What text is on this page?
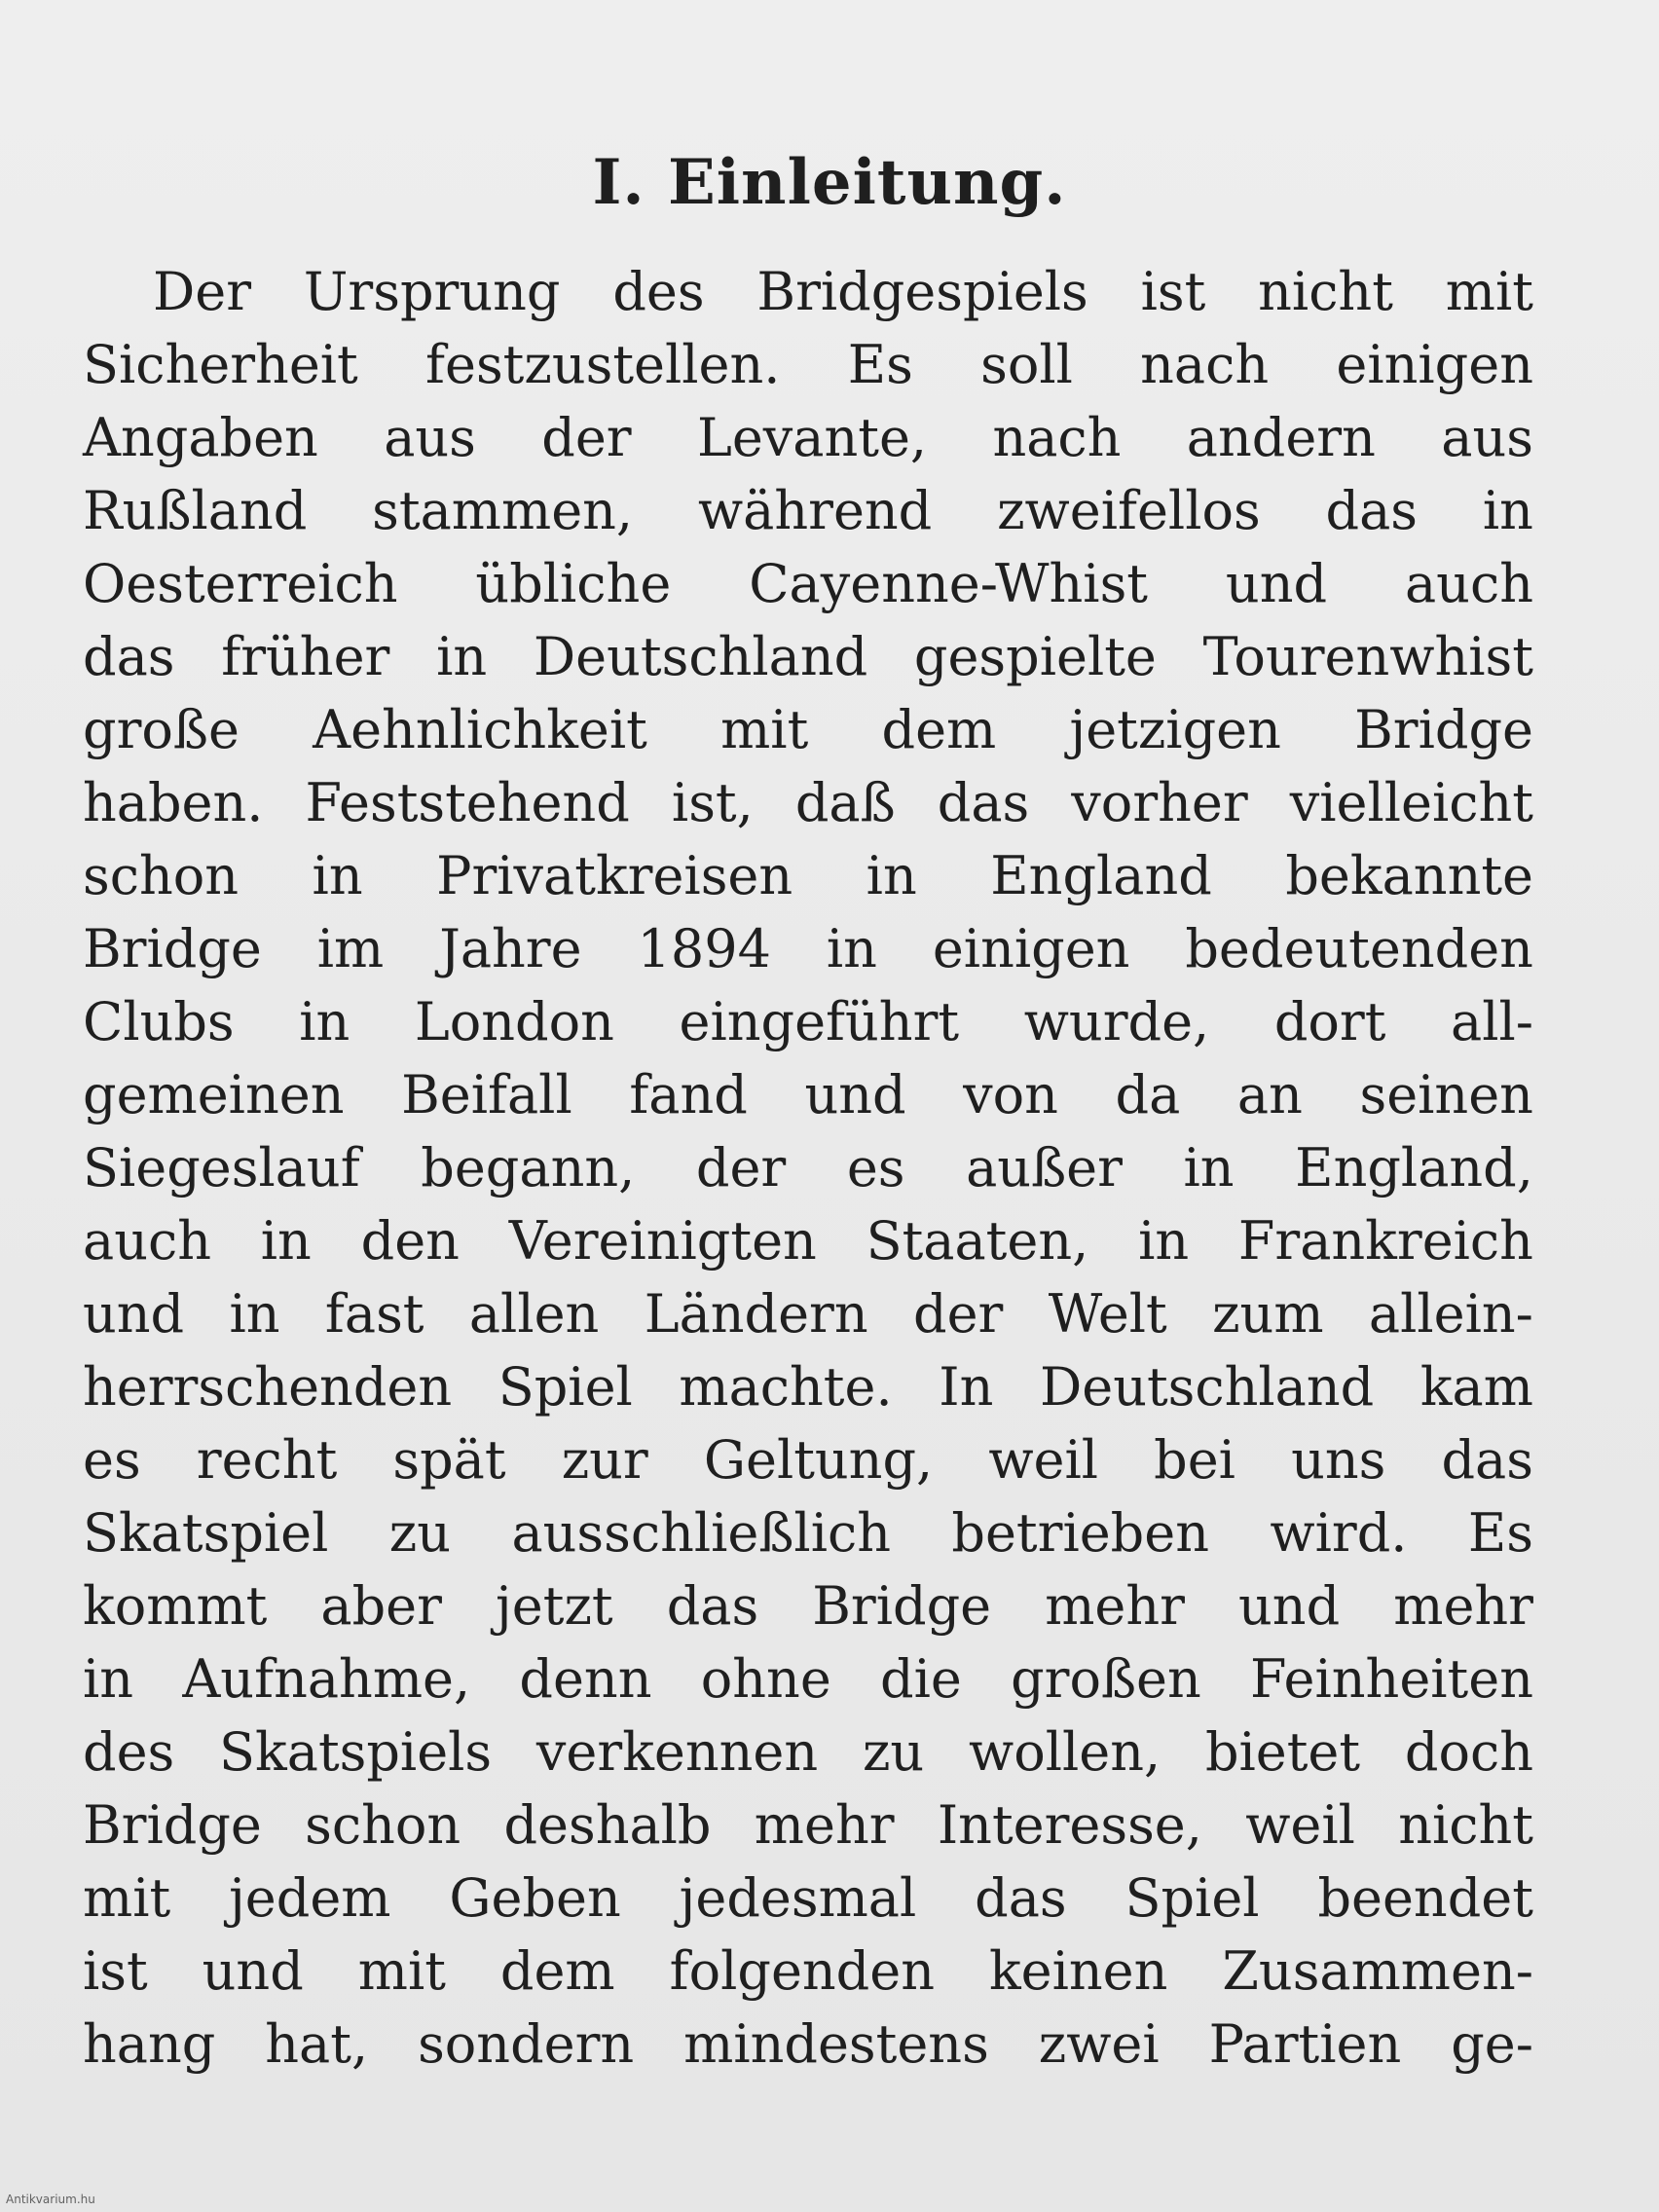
I. Einleitung.
Der Ursprung des Bridgespiels ist nicht mit
Sicherheit festzustellen. Es soll nach einigen
Angaben aus der Levante, nach andern aus
Rußland stammen, während zweifellos das in
Oesterreich übliche Cayenne-Whist und auch
das früher in Deutschland gespielte Tourenwhist
große Aehnlichkeit mit dem jetzigen Bridge
haben. Feststehend ist, daß das vorher vielleicht
schon in Privatkreisen in England bekannte
Bridge im Jahre 1894 in einigen bedeutenden
Clubs in London eingeführt wurde, dort all-
gemeinen Beifall fand und von da an seinen
Siegeslauf begann, der es außer in England,
auch in den Vereinigten Staaten, in Frankreich
und in fast allen Ländern der Welt zum allein-
herrschenden Spiel machte. In Deutschland kam
es recht spät zur Geltung, weil bei uns das
Skatspiel zu ausschließlich betrieben wird. Es
kommt aber jetzt das Bridge mehr und mehr
in Aufnahme, denn ohne die großen Feinheiten
des Skatspiels verkennen zu wollen, bietet doch
Bridge schon deshalb mehr Interesse, weil nicht
mit jedem Geben jedesmal das Spiel beendet
ist und mit dem folgenden keinen Zusammen-
hang hat, sondern mindestens zwei Partien ge-
Antikvarium.hu
